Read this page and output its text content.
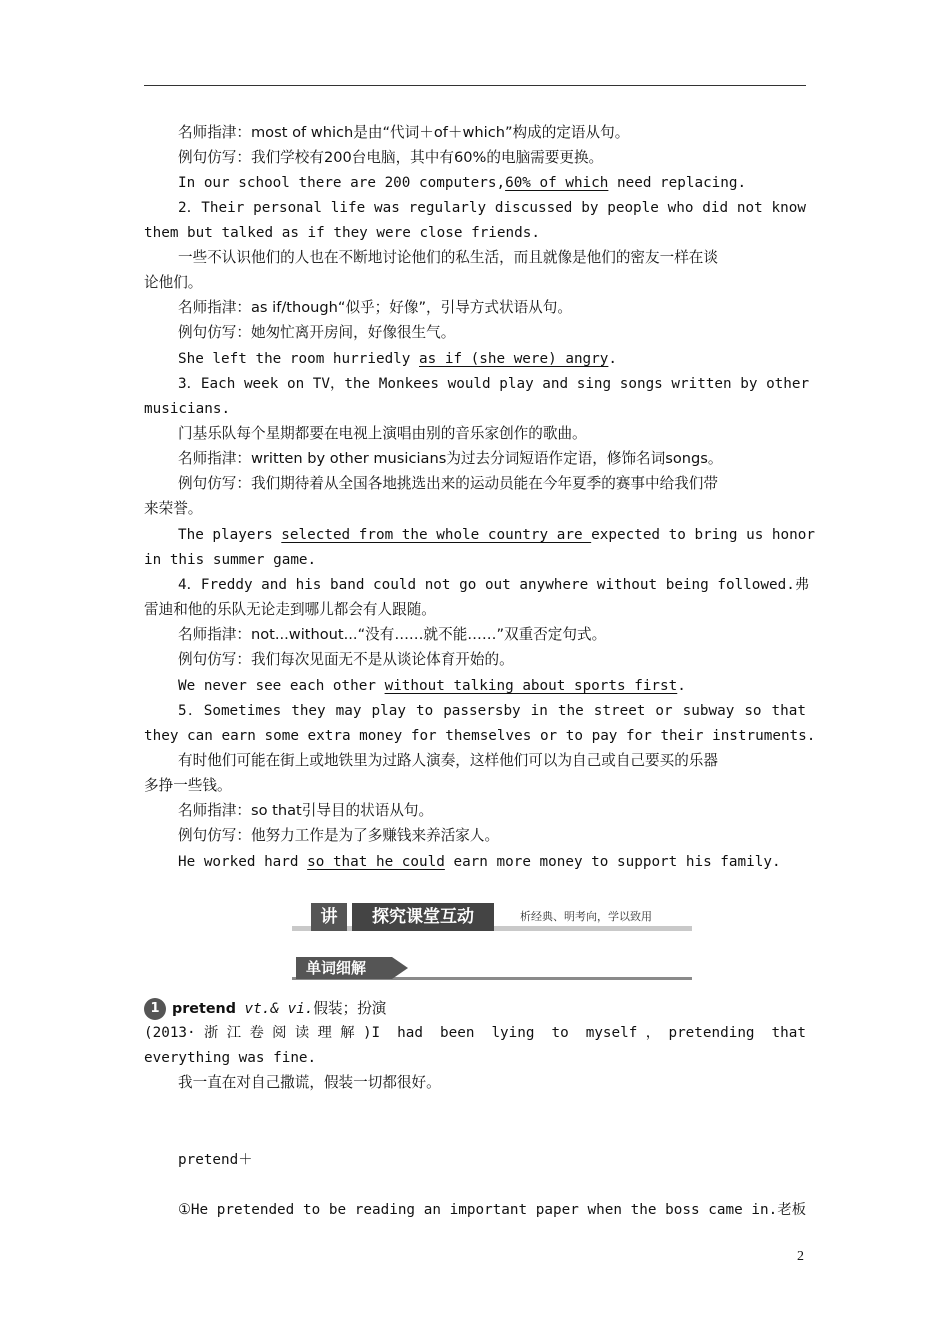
名师指津：most of which是由“代词＋of＋which”构成的定语从句。
例句仿写：我们学校有200台电脑，其中有60%的电脑需要更换。
In our school there are 200 computers,60% of which need replacing.
2．Their personal life was regularly discussed by people who did not know
them but talked as if they were close friends.
一些不认识他们的人也在不断地讨论他们的私生活，而且就像是他们的密友一样在谈
论他们。
名师指津：as if/though“似乎；好像”，引导方式状语从句。
例句仿写：她匆忙离开房间，好像很生气。
She left the room hurriedly as if (she were) angry.
3．Each week on TV，the Monkees would play and sing songs written by other
musicians.
门基乐队每个星期都要在电视上演唱由别的音乐家创作的歌曲。
名师指津：written by other musicians为过去分词短语作定语，修饰名词songs。
例句仿写：我们期待着从全国各地挑选出来的运动员能在今年夏季的赛事中给我们带
来荣誉。
The players selected from the whole country are expected to bring us honor
in this summer game.
4．Freddy and his band could not go out anywhere without being followed.弗
雷迪和他的乐队无论走到哪儿都会有人跟随。
名师指津：not...without...“没有……就不能……”双重否定句式。
例句仿写：我们每次见面无不是从谈论体育开始的。
We never see each other without talking about sports first.
5．Sometimes they may play to passersby in the street or subway so that
they can earn some extra money for themselves or to pay for their instruments.
有时他们可能在街上或地铁里为过路人演奏，这样他们可以为自己或自己要买的乐器
多挣一些钱。
名师指津：so that引导目的状语从句。
例句仿写：他努力工作是为了多赚钱来养活家人。
He worked hard so that he could earn more money to support his family.
讲	探究课堂互动	析经典、明考向，学以致用
单词细解
1 pretend vt.& vi.假装；扮演
(2013·浙江卷阅读理解)I had been lying to myself，pretending that
everything was fine.
我一直在对自己撒谎，假装一切都很好。
pretend＋
①He pretended to be reading an important paper when the boss came in.老板
2
